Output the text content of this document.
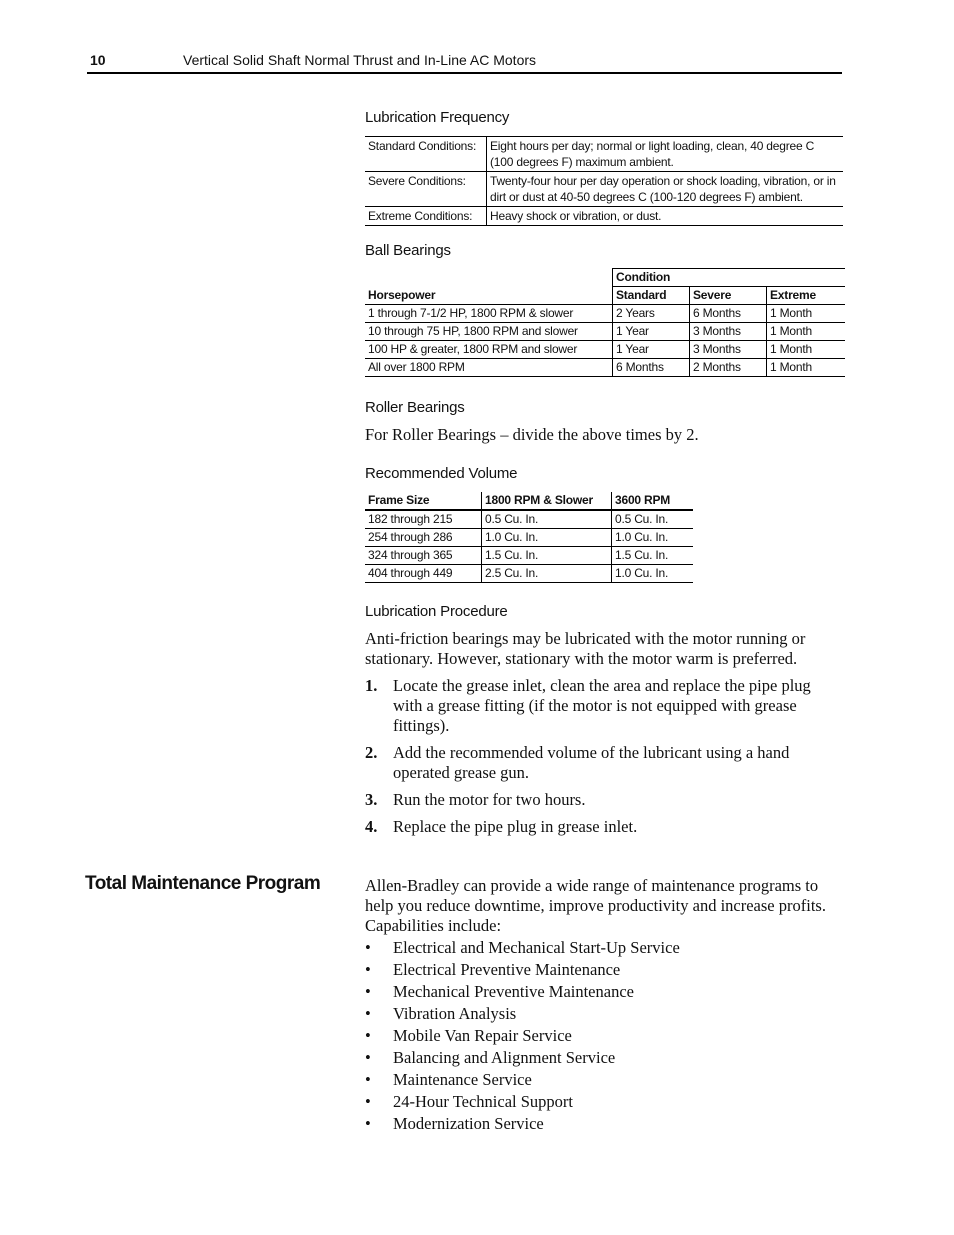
10	Vertical Solid Shaft Normal Thrust and In-Line AC Motors
Lubrication Frequency
Standard Conditions:	Eight hours per day; normal or light loading, clean, 40 degree C (100 degrees F) maximum ambient.
Severe Conditions:	Twenty-four hour per day operation or shock loading, vibration, or in dirt or dust at 40-50 degrees C (100-120 degrees F) ambient.
Extreme Conditions:	Heavy shock or vibration, or dust.
Ball Bearings
	Condition		
Horsepower	Standard	Severe	Extreme
1 through 7-1/2 HP, 1800 RPM & slower	2 Years	6 Months	1 Month
10 through 75 HP, 1800 RPM and slower	1 Year	3 Months	1 Month
100 HP & greater, 1800 RPM and slower	1 Year	3 Months	1 Month
All over 1800 RPM	6 Months	2 Months	1 Month
Roller Bearings
For Roller Bearings – divide the above times by 2.
Recommended Volume
Frame Size	1800 RPM & Slower	3600 RPM
182 through 215	0.5 Cu. In.	0.5 Cu. In.
254 through 286	1.0 Cu. In.	1.0 Cu. In.
324 through 365	1.5 Cu. In.	1.5 Cu. In.
404 through 449	2.5 Cu. In.	1.0 Cu. In.
Lubrication Procedure
Anti-friction bearings may be lubricated with the motor running or stationary. However, stationary with the motor warm is preferred.
1. Locate the grease inlet, clean the area and replace the pipe plug with a grease fitting (if the motor is not equipped with grease fittings).
2. Add the recommended volume of the lubricant using a hand operated grease gun.
3. Run the motor for two hours.
4. Replace the pipe plug in grease inlet.
Total Maintenance Program	Allen-Bradley can provide a wide range of maintenance programs to help you reduce downtime, improve productivity and increase profits. Capabilities include:
• Electrical and Mechanical Start-Up Service
• Electrical Preventive Maintenance
• Mechanical Preventive Maintenance
• Vibration Analysis
• Mobile Van Repair Service
• Balancing and Alignment Service
• Maintenance Service
• 24-Hour Technical Support
• Modernization Service
